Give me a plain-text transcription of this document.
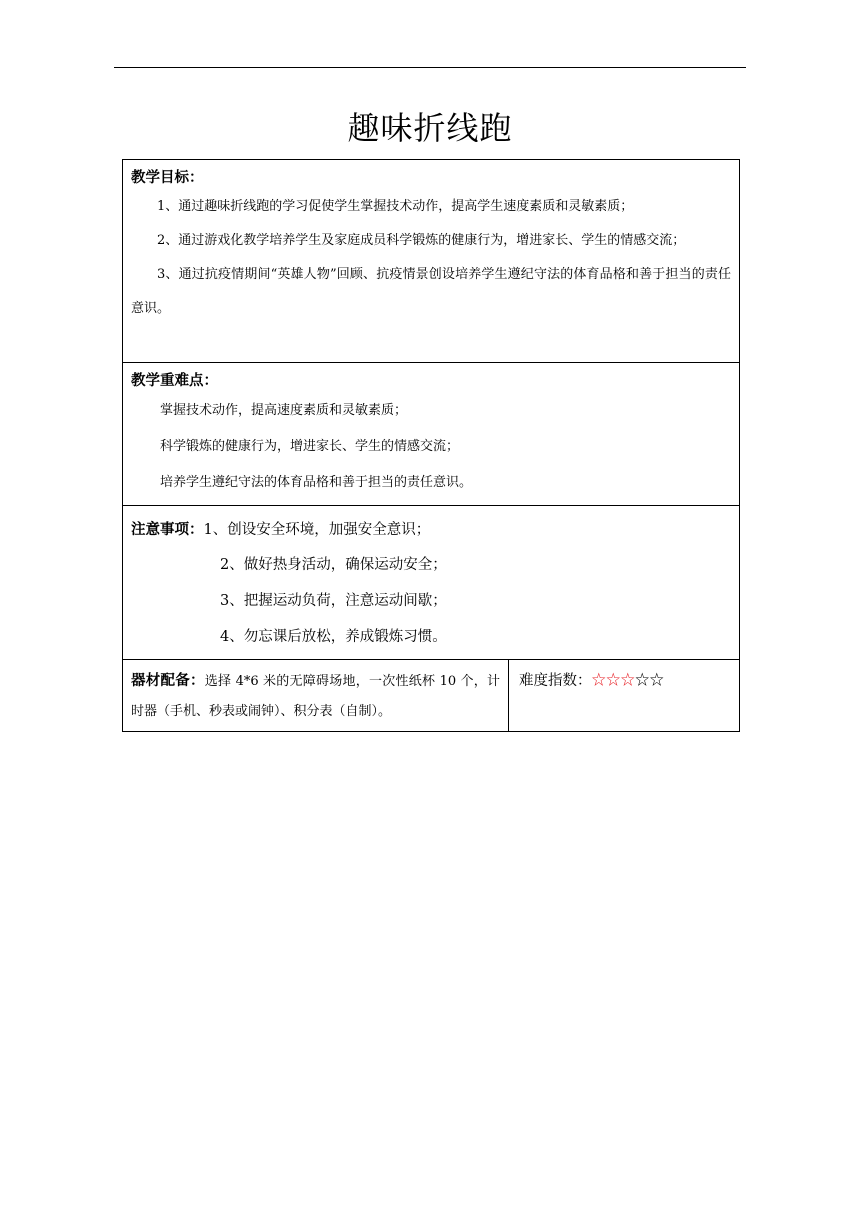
趣味折线跑
教学目标：
1、通过趣味折线跑的学习促使学生掌握技术动作，提高学生速度素质和灵敏素质；
2、通过游戏化教学培养学生及家庭成员科学锻炼的健康行为，增进家长、学生的情感交流；
3、通过抗疫情期间“英雄人物”回顾、抗疫情景创设培养学生遵纪守法的体育品格和善于担当的责任意识。

教学重难点：
掌握技术动作，提高速度素质和灵敏素质；
科学锻炼的健康行为，增进家长、学生的情感交流；
培养学生遵纪守法的体育品格和善于担当的责任意识。

注意事项：1、创设安全环境，加强安全意识；
2、做好热身活动，确保运动安全；
3、把握运动负荷，注意运动间歇；
4、勿忘课后放松，养成锻炼习惯。

器材配备：选择 4*6 米的无障碍场地，一次性纸杯 10 个，计时器（手机、秒表或闹钟）、积分表（自制）。

难度指数：☆☆☆☆☆
